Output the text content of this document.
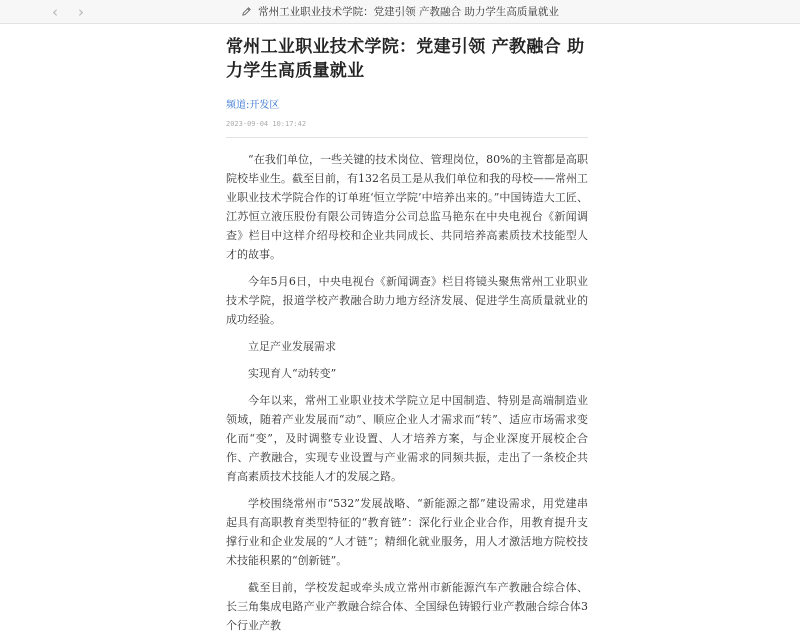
‹	›	常州工业职业技术学院：党建引领 产教融合 助力学生高质量就业
常州工业职业技术学院：党建引领 产教融合 助力学生高质量就业
频道:开发区
2023-09-04 10:17:42

“在我们单位，一些关键的技术岗位、管理岗位，80%的主管都是高职院校毕业生。截至目前，有132名员工是从我们单位和我的母校——常州工业职业技术学院合作的订单班‘恒立学院’中培养出来的。”中国铸造大工匠、江苏恒立液压股份有限公司铸造分公司总监马艳东在中央电视台《新闻调查》栏目中这样介绍母校和企业共同成长、共同培养高素质技术技能型人才的故事。

今年5月6日，中央电视台《新闻调查》栏目将镜头聚焦常州工业职业技术学院，报道学校产教融合助力地方经济发展、促进学生高质量就业的成功经验。

立足产业发展需求

实现育人“动转变”

今年以来，常州工业职业技术学院立足中国制造、特别是高端制造业领域，随着产业发展而“动”、顺应企业人才需求而“转”、适应市场需求变化而“变”，及时调整专业设置、人才培养方案，与企业深度开展校企合作、产教融合，实现专业设置与产业需求的同频共振，走出了一条校企共育高素质技术技能人才的发展之路。

学校围绕常州市“532”发展战略、“新能源之都”建设需求，用党建串起具有高职教育类型特征的“教育链”：深化行业企业合作，用教育提升支撑行业和企业发展的“人才链”；精细化就业服务，用人才激活地方院校技术技能积累的“创新链”。

截至目前，学校发起或牵头成立常州市新能源汽车产教融合综合体、长三角集成电路产业产教融合综合体、全国绿色铸锻行业产教融合综合体3个行业产教
